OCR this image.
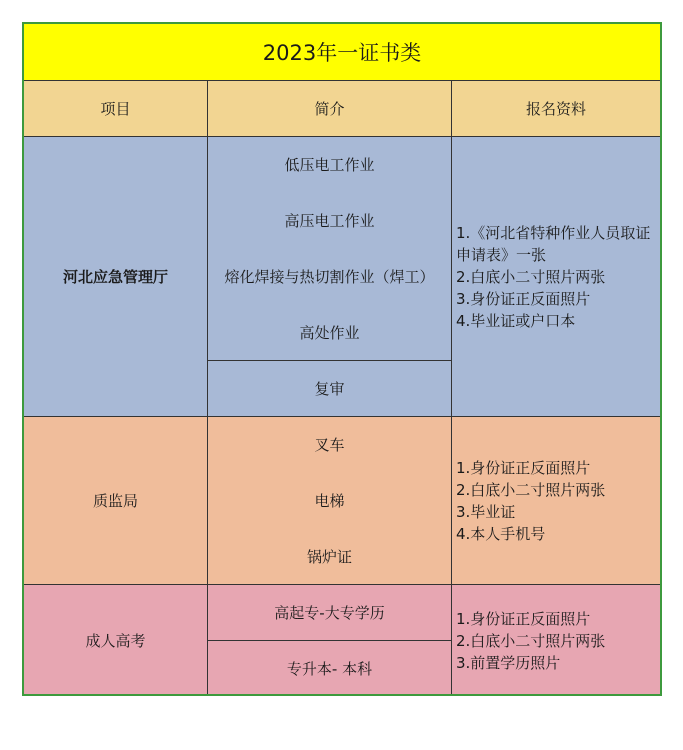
2023年一证书类
项目	简介	报名资料
河北应急管理厅
低压电工作业
高压电工作业
熔化焊接与热切割作业（焊工）
高处作业
复审
1.《河北省特种作业人员取证申请表》一张
2.白底小二寸照片两张
3.身份证正反面照片
4.毕业证或户口本
质监局
叉车
电梯
锅炉证
1.身份证正反面照片
2.白底小二寸照片两张
3.毕业证
4.本人手机号
成人高考
高起专-大专学历
专升本- 本科
1.身份证正反面照片
2.白底小二寸照片两张
3.前置学历照片
